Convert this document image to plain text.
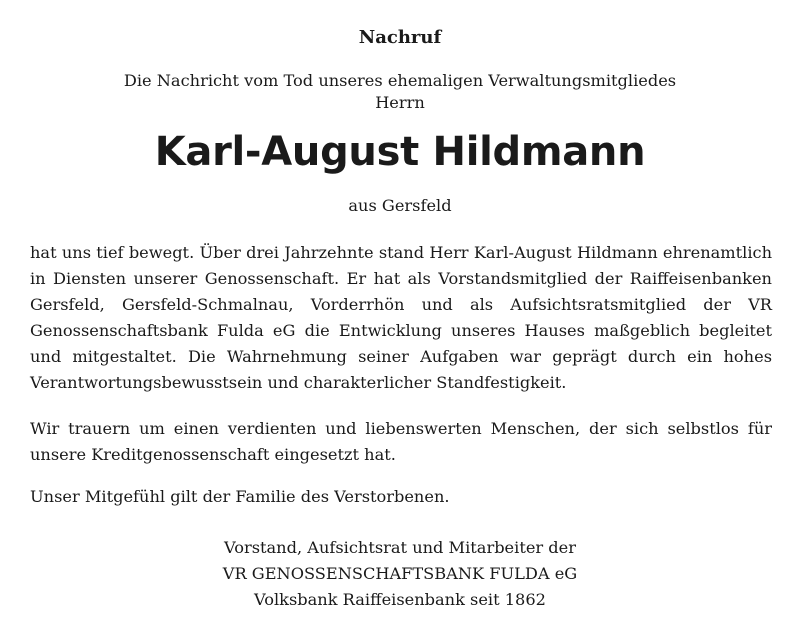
Nachruf
Die Nachricht vom Tod unseres ehemaligen Verwaltungsmitgliedes
Herrn
Karl-August Hildmann
aus Gersfeld

hat uns tief bewegt. Über drei Jahrzehnte stand Herr Karl-August Hildmann ehrenamtlich in Diensten unserer Genossenschaft. Er hat als Vorstandsmitglied der Raiffeisenbanken Gersfeld, Gersfeld-Schmalnau, Vorderrhön und als Aufsichtsratsmitglied der VR Genossenschaftsbank Fulda eG die Entwicklung unseres Hauses maßgeblich begleitet und mitgestaltet. Die Wahrnehmung seiner Aufgaben war geprägt durch ein hohes Verantwortungsbewusstsein und charakterlicher Standfestigkeit.

Wir trauern um einen verdienten und liebenswerten Menschen, der sich selbstlos für unsere Kreditgenossenschaft eingesetzt hat.

Unser Mitgefühl gilt der Familie des Verstorbenen.

Vorstand, Aufsichtsrat und Mitarbeiter der
VR GENOSSENSCHAFTSBANK FULDA eG
Volksbank Raiffeisenbank seit 1862
